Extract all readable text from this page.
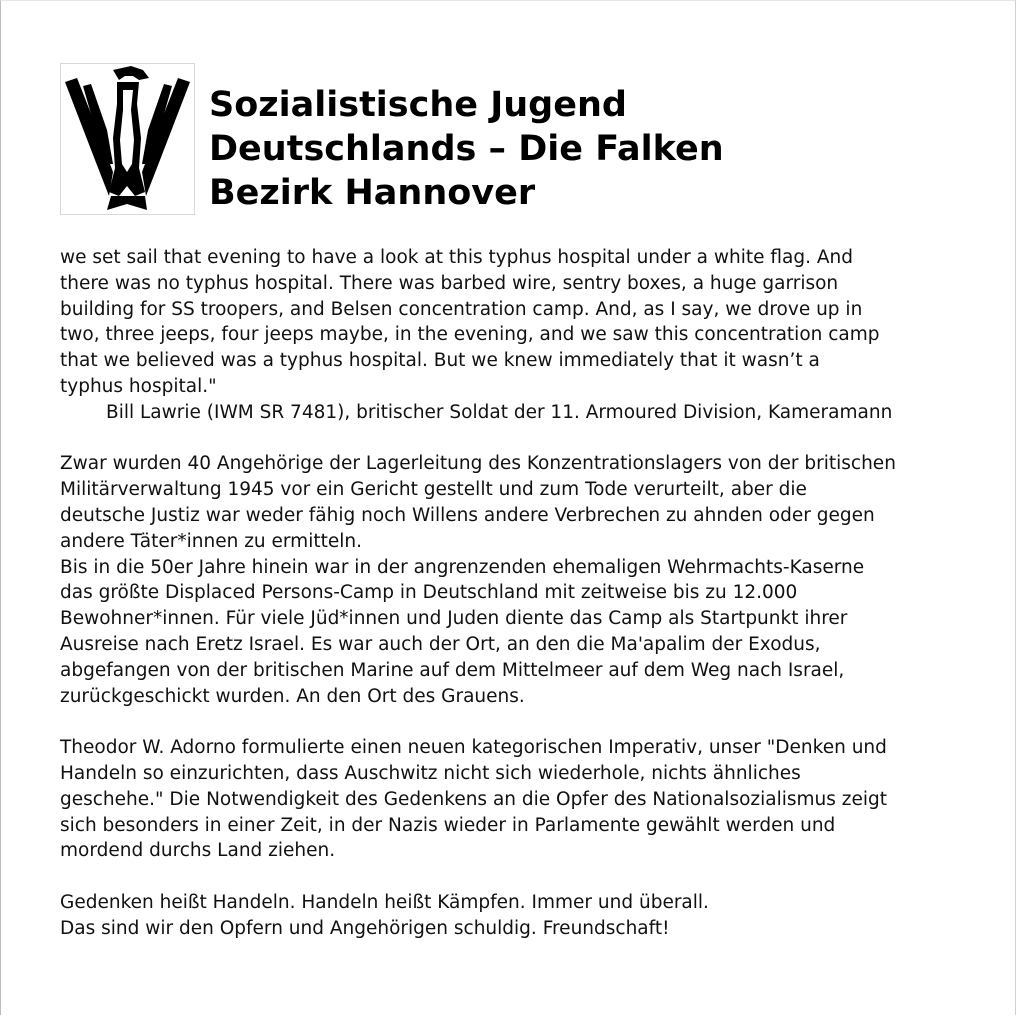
Sozialistische Jugend
Deutschlands – Die Falken
Bezirk Hannover

we set sail that evening to have a look at this typhus hospital under a white flag. And
there was no typhus hospital. There was barbed wire, sentry boxes, a huge garrison
building for SS troopers, and Belsen concentration camp. And, as I say, we drove up in
two, three jeeps, four jeeps maybe, in the evening, and we saw this concentration camp
that we believed was a typhus hospital. But we knew immediately that it wasn’t a
typhus hospital."

Bill Lawrie (IWM SR 7481), britischer Soldat der 11. Armoured Division, Kameramann

Zwar wurden 40 Angehörige der Lagerleitung des Konzentrationslagers von der britischen
Militärverwaltung 1945 vor ein Gericht gestellt und zum Tode verurteilt, aber die
deutsche Justiz war weder fähig noch Willens andere Verbrechen zu ahnden oder gegen
andere Täter*innen zu ermitteln.
Bis in die 50er Jahre hinein war in der angrenzenden ehemaligen Wehrmachts-Kaserne
das größte Displaced Persons-Camp in Deutschland mit zeitweise bis zu 12.000
Bewohner*innen. Für viele Jüd*innen und Juden diente das Camp als Startpunkt ihrer
Ausreise nach Eretz Israel. Es war auch der Ort, an den die Ma'apalim der Exodus,
abgefangen von der britischen Marine auf dem Mittelmeer auf dem Weg nach Israel,
zurückgeschickt wurden. An den Ort des Grauens.

Theodor W. Adorno formulierte einen neuen kategorischen Imperativ, unser "Denken und
Handeln so einzurichten, dass Auschwitz nicht sich wiederhole, nichts ähnliches
geschehe." Die Notwendigkeit des Gedenkens an die Opfer des Nationalsozialismus zeigt
sich besonders in einer Zeit, in der Nazis wieder in Parlamente gewählt werden und
mordend durchs Land ziehen.

Gedenken heißt Handeln. Handeln heißt Kämpfen. Immer und überall.
Das sind wir den Opfern und Angehörigen schuldig. Freundschaft!
